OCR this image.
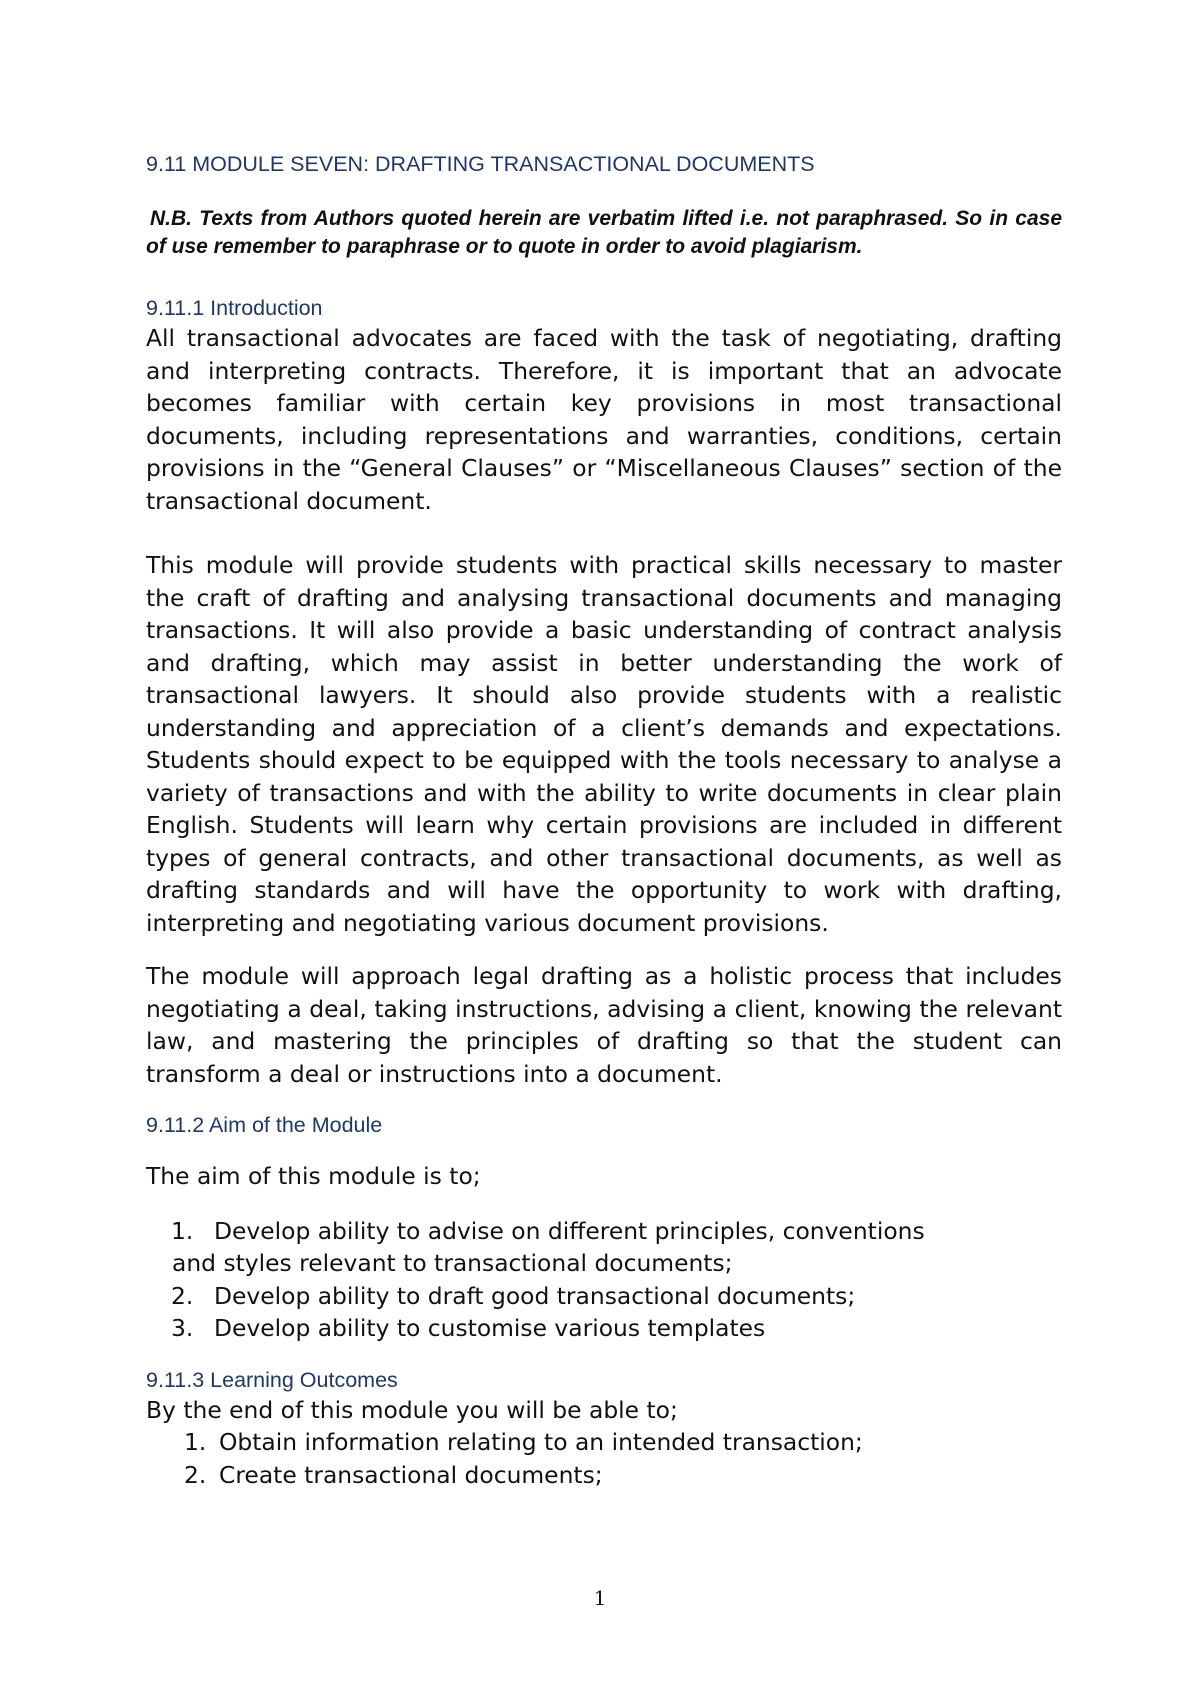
9.11 MODULE SEVEN: DRAFTING TRANSACTIONAL DOCUMENTS

N.B. Texts from Authors quoted herein are verbatim lifted i.e. not paraphrased. So in case of use remember to paraphrase or to quote in order to avoid plagiarism.

9.11.1 Introduction

All transactional advocates are faced with the task of negotiating, drafting and interpreting contracts. Therefore, it is important that an advocate becomes familiar with certain key provisions in most transactional documents, including representations and warranties, conditions, certain provisions in the “General Clauses” or “Miscellaneous Clauses” section of the transactional document.

This module will provide students with practical skills necessary to master the craft of drafting and analysing transactional documents and managing transactions. It will also provide a basic understanding of contract analysis and drafting, which may assist in better understanding the work of transactional lawyers. It should also provide students with a realistic understanding and appreciation of a client’s demands and expectations. Students should expect to be equipped with the tools necessary to analyse a variety of transactions and with the ability to write documents in clear plain English. Students will learn why certain provisions are included in different types of general contracts, and other transactional documents, as well as drafting standards and will have the opportunity to work with drafting, interpreting and negotiating various document provisions.

The module will approach legal drafting as a holistic process that includes negotiating a deal, taking instructions, advising a client, knowing the relevant law, and mastering the principles of drafting so that the student can transform a deal or instructions into a document.

9.11.2 Aim of the Module

The aim of this module is to;

1. Develop ability to advise on different principles, conventions
and styles relevant to transactional documents;
2. Develop ability to draft good transactional documents;
3. Develop ability to customise various templates

9.11.3 Learning Outcomes

By the end of this module you will be able to;

1. Obtain information relating to an intended transaction;
2. Create transactional documents;
1
